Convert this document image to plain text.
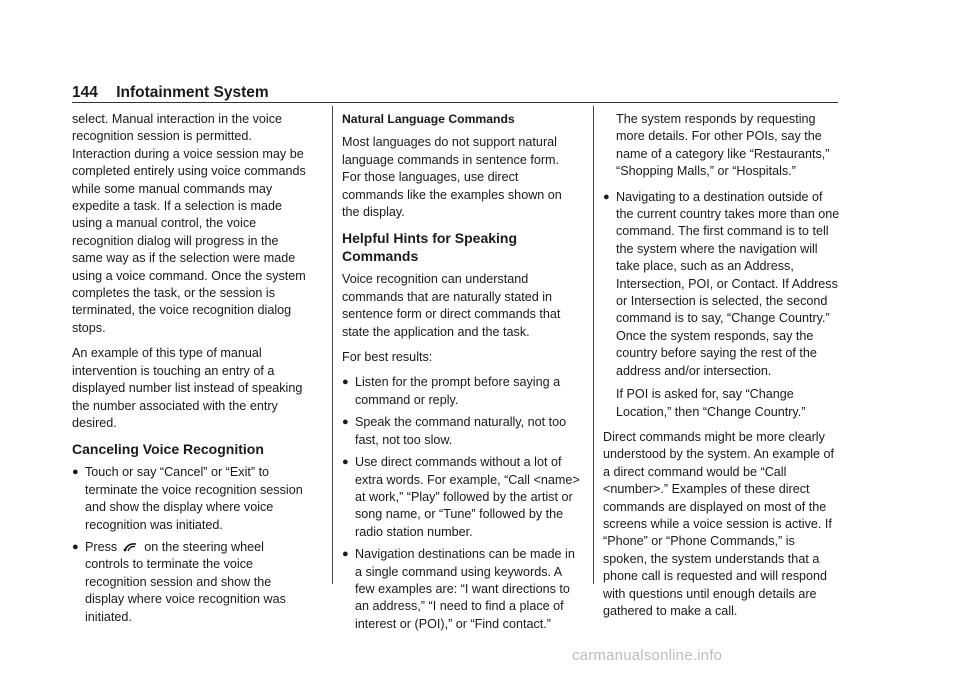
144 Infotainment System

select. Manual interaction in the voice recognition session is permitted. Interaction during a voice session may be completed entirely using voice commands while some manual commands may expedite a task. If a selection is made using a manual control, the voice recognition dialog will progress in the same way as if the selection were made using a voice command. Once the system completes the task, or the session is terminated, the voice recognition dialog stops.

An example of this type of manual intervention is touching an entry of a displayed number list instead of speaking the number associated with the entry desired.

Canceling Voice Recognition
● Touch or say “Cancel” or “Exit” to terminate the voice recognition session and show the display where voice recognition was initiated.
● Press on the steering wheel controls to terminate the voice recognition session and show the display where voice recognition was initiated.
Natural Language Commands

Most languages do not support natural language commands in sentence form. For those languages, use direct commands like the examples shown on the display.

Helpful Hints for Speaking Commands

Voice recognition can understand commands that are naturally stated in sentence form or direct commands that state the application and the task.

For best results:

● Listen for the prompt before saying a command or reply.
● Speak the command naturally, not too fast, not too slow.
● Use direct commands without a lot of extra words. For example, “Call <name> at work,” “Play” followed by the artist or song name, or “Tune” followed by the radio station number.
● Navigation destinations can be made in a single command using keywords. A few examples are: “I want directions to an address,” “I need to find a place of interest or (POI),” or “Find contact.”

The system responds by requesting more details. For other POIs, say the name of a category like “Restaurants,” “Shopping Malls,” or “Hospitals.”

● Navigating to a destination outside of the current country takes more than one command. The first command is to tell the system where the navigation will take place, such as an Address, Intersection, POI, or Contact. If Address or Intersection is selected, the second command is to say, “Change Country.” Once the system responds, say the country before saying the rest of the address and/or intersection.

If POI is asked for, say “Change Location,” then “Change Country.”

Direct commands might be more clearly understood by the system. An example of a direct command would be “Call <number>.” Examples of these direct commands are displayed on most of the screens while a voice session is active. If “Phone” or “Phone Commands,” is spoken, the system understands that a phone call is requested and will respond with questions until enough details are gathered to make a call.

carmanualsonline.info
